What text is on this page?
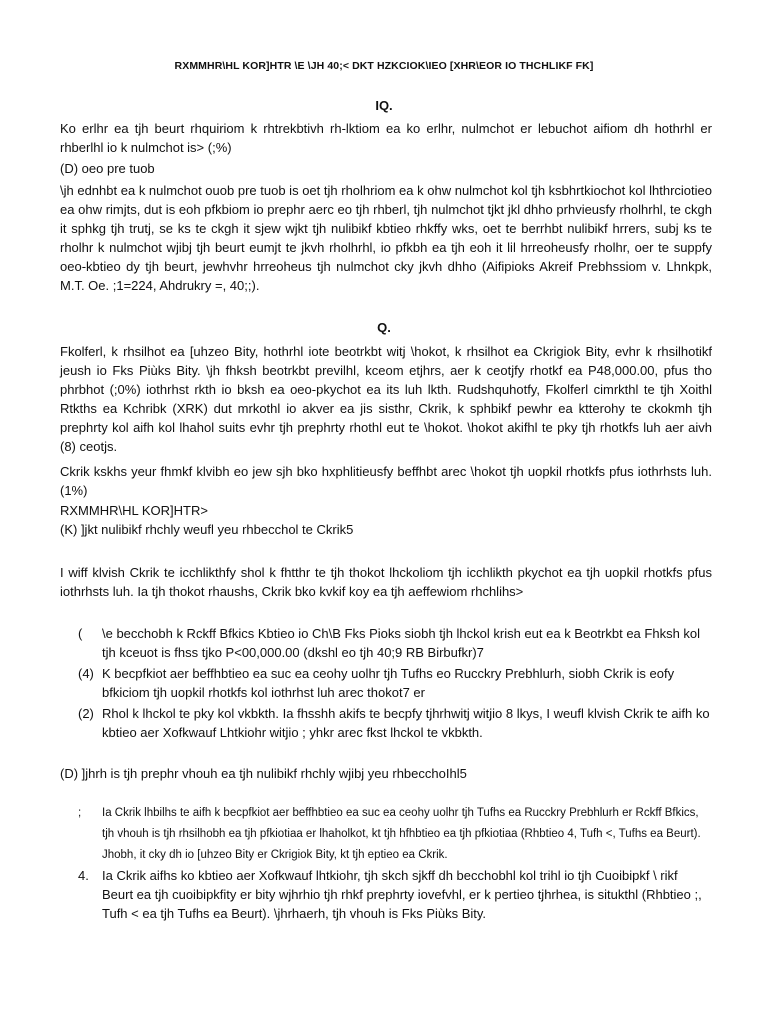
RXMMHR\HL KOR]HTR \E \JH 40;< DKT HZKCIOK\IEO [XHR\EOR IO THCHLIKF FK]
IQ.

Ko erlhr ea tjh beurt rhquiriom k rhtrekbtivh rh-lktiom ea ko erlhr, nulmchot er lebuchot aifiom dh hothrhl er rhberlhl io k nulmchot is> (;%)

(D) oeo pre tuob

\jh ednhbt ea k nulmchot ouob pre tuob is oet tjh rholhriom ea k ohw nulmchot kol tjh ksbhrtkiochot kol lhthrciotieo ea ohw rimjts, dut is eoh pfkbiom io prephr aerc eo tjh rhberl, tjh nulmchot tjkt jkl dhho prhvieusfy rholhrhl, te ckgh it sphkg tjh trutj, se ks te ckgh it sjew wjkt tjh nulibikf kbtieo rhkffy wks, oet te berrhbt nulibikf hrrers, subj ks te rholhr k nulmchot wjibj tjh beurt eumjt te jkvh rholhrhl, io pfkbh ea tjh eoh it lil hrreoheusfy rholhr, oer te suppfy oeo-kbtieo dy tjh beurt, jewhvhr hrreoheus tjh nulmchot cky jkvh dhho (Aifipioks Akreif Prebhssiom v. Lhnkpk, M.T. Oe. ;1=224, Ahdrukry =, 40;;).

Q.

Fkolferl, k rhsilhot ea [uhzeo Bity, hothrhl iote beotrkbt witj \hokot, k rhsilhot ea Ckrigiok Bity, evhr k rhsilhotikf jeush io Fks Piùks Bity. \jh fhksh beotrkbt previlhl, kceom etjhrs, aer k ceotjfy rhotkf ea P48,000.00, pfus tho phrbhot (;0%) iothrhst rkth io bksh ea oeo-pkychot ea its luh lkth. Rudshquhotfy, Fkolferl cimrkthl te tjh Xoithl Rtkths ea Kchribk (XRK) dut mrkothl io akver ea jis sisthr, Ckrik, k sphbikf pewhr ea ktterohy te ckokmh tjh prephrty kol aifh kol lhahol suits evhr tjh prephrty rhothl eut te \hokot. \hokot akifhl te pky tjh rhotkfs luh aer aivh (8) ceotjs.

Ckrik kskhs yeur fhmkf klvibh eo jew sjh bko hxphlitieusfy beffhbt arec \hokot tjh uopkil rhotkfs pfus iothrhsts luh. (1%)

RXMMHR\HL KOR]HTR>

(K) ]jkt nulibikf rhchly weufl yeu rhbecchol te Ckrik5

I wiff klvish Ckrik te icchlikthfy shol k fhtthr te tjh thokot lhckoliom tjh icchlikth pkychot ea tjh uopkil rhotkfs pfus iothrhsts luh. Ia tjh thokot rhaushs, Ckrik bko kvkif koy ea tjh aeffewiom rhchlihs>

( \e becchobh k Rckff Bfkics Kbtieo io Ch\B Fks Pioks siobh tjh lhckol krish eut ea k Beotrkbt ea Fhksh kol tjh kceuot is fhss tjko P<00,000.00 (dkshl eo tjh 40;9 RB Birbufkr)7
(4) K becpfkiot aer beffhbtieo ea suc ea ceohy uolhr tjh Tufhs eo Rucckry Prebhlurh, siobh Ckrik is eofy bfkiciom tjh uopkil rhotkfs kol iothrhst luh arec thokot7 er
(2) Rhol k lhckol te pky kol vkbkth. Ia fhsshh akifs te becpfy tjhrhwitj witjio 8 lkys, I weufl klvish Ckrik te aifh ko kbtieo aer Xofkwauf Lhtkiohr witjio ; yhkr arec fkst lhckol te vkbkth.

(D) ]jhrh is tjh prephr vhouh ea tjh nulibikf rhchly wjibj yeu rhbecchoIhl5

; Ia Ckrik lhbilhs te aifh k becpfkiot aer beffhbtieo ea suc ea ceohy uolhr tjh Tufhs ea Rucckry Prebhlurh er Rckff Bfkics, tjh vhouh is tjh rhsilhobh ea tjh pfkiotiaa er lhaholkot, kt tjh hfhbtieo ea tjh pfkiotiaa (Rhbtieo 4, Tufh <, Tufhs ea Beurt). Jhobh, it cky dh io [uhzeo Bity er Ckrigiok Bity, kt tjh eptieo ea Ckrik.
4. Ia Ckrik aifhs ko kbtieo aer Xofkwauf lhtkiohr, tjh skch sjkff dh becchobhl kol trihl io tjh Cuoibipkf \ rikf Beurt ea tjh cuoibipkfity er bity wjhrhio tjh rhkf prephrty iovefvhl, er k pertieo tjhrhea, is situkthl (Rhbtieo ;, Tufh < ea tjh Tufhs ea Beurt). \jhrhaerh, tjh vhouh is Fks Piùks Bity.
